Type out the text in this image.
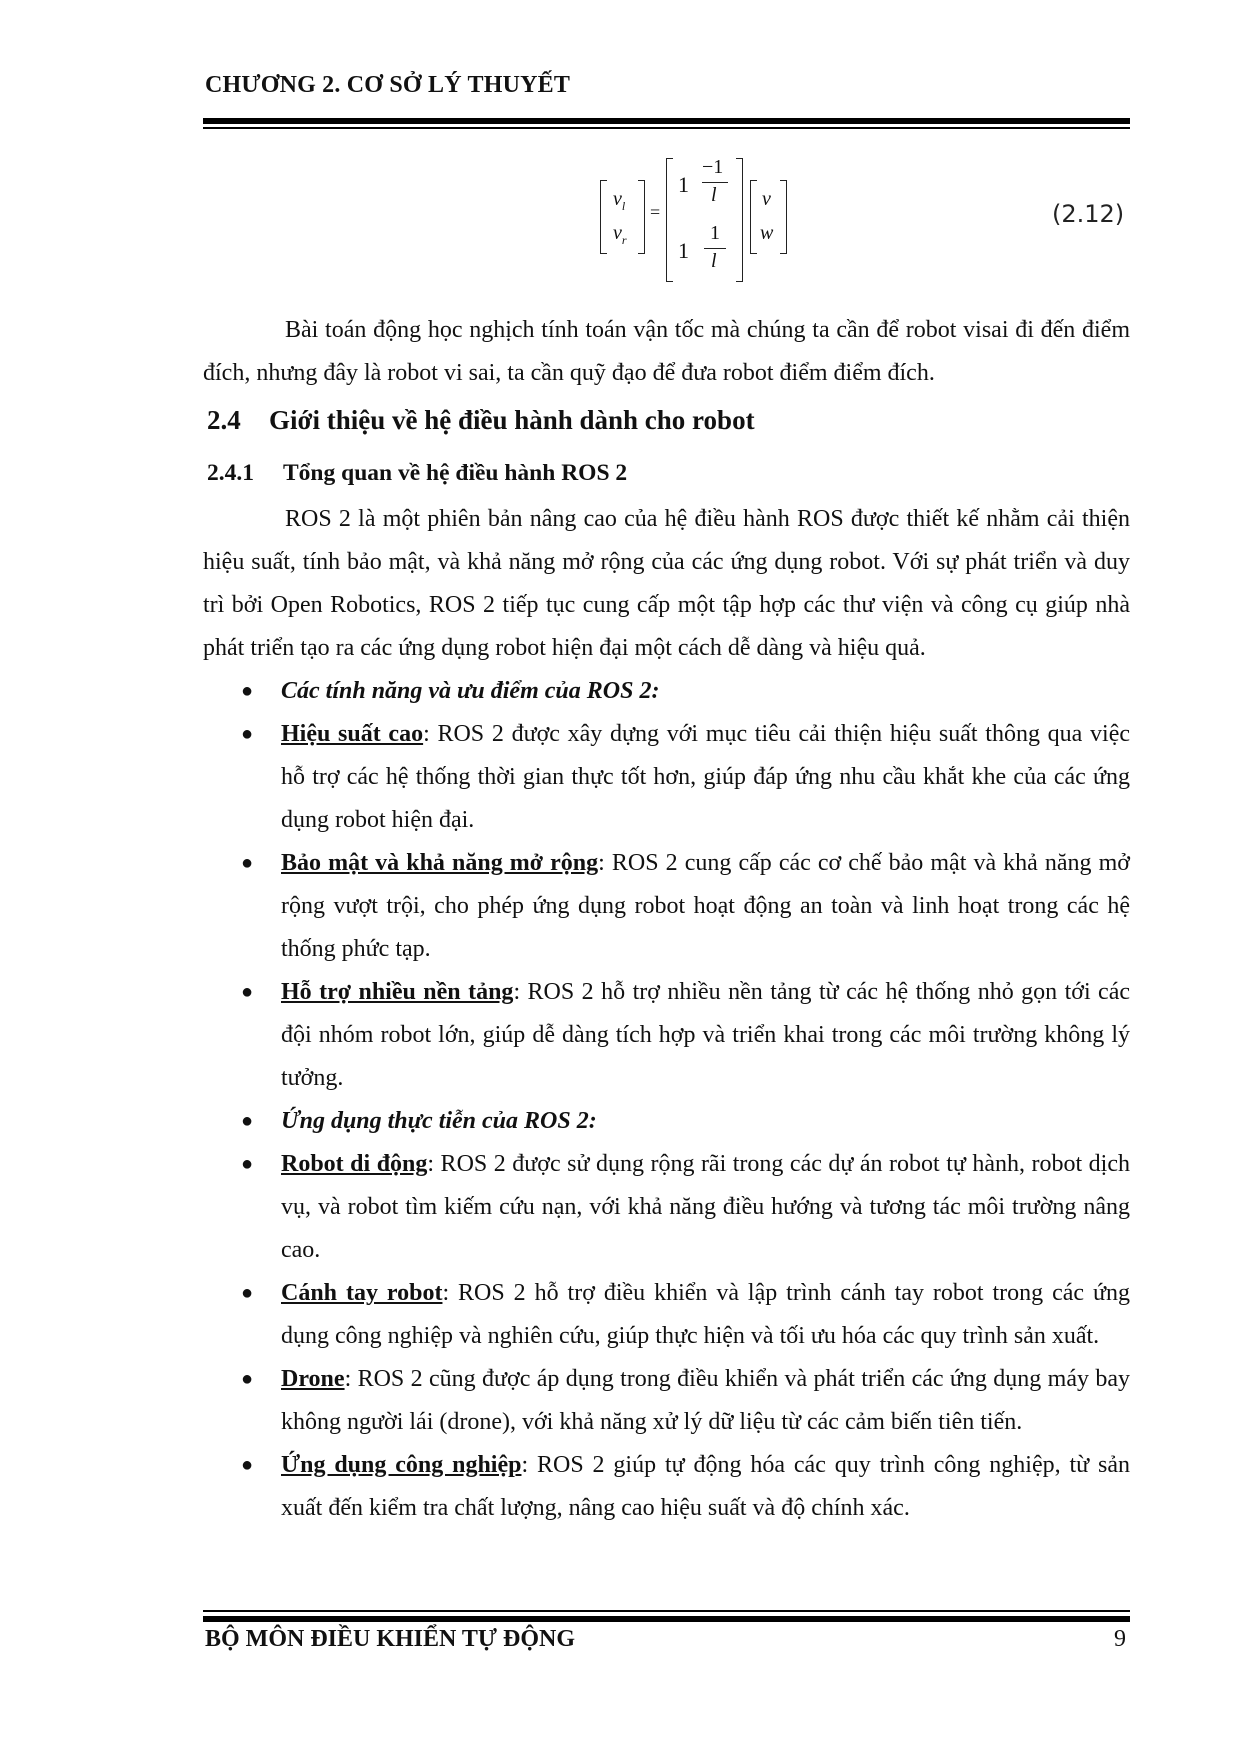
CHƯƠNG 2. CƠ SỞ LÝ THUYẾT
$v_l$
$v_r$
=
1
−1
l
1
1
l
v
w
(2.12)
Bài toán động học nghịch tính toán vận tốc mà chúng ta cần để robot visai đi đến điểm đích, nhưng đây là robot vi sai, ta cần quỹ đạo để đưa robot điểm điểm đích.
2.4 Giới thiệu về hệ điều hành dành cho robot
2.4.1 Tổng quan về hệ điều hành ROS 2
ROS 2 là một phiên bản nâng cao của hệ điều hành ROS được thiết kế nhằm cải thiện hiệu suất, tính bảo mật, và khả năng mở rộng của các ứng dụng robot. Với sự phát triển và duy trì bởi Open Robotics, ROS 2 tiếp tục cung cấp một tập hợp các thư viện và công cụ giúp nhà phát triển tạo ra các ứng dụng robot hiện đại một cách dễ dàng và hiệu quả.
● Các tính năng và ưu điểm của ROS 2:
● Hiệu suất cao: ROS 2 được xây dựng với mục tiêu cải thiện hiệu suất thông qua việc hỗ trợ các hệ thống thời gian thực tốt hơn, giúp đáp ứng nhu cầu khắt khe của các ứng dụng robot hiện đại.
● Bảo mật và khả năng mở rộng: ROS 2 cung cấp các cơ chế bảo mật và khả năng mở rộng vượt trội, cho phép ứng dụng robot hoạt động an toàn và linh hoạt trong các hệ thống phức tạp.
● Hỗ trợ nhiều nền tảng: ROS 2 hỗ trợ nhiều nền tảng từ các hệ thống nhỏ gọn tới các đội nhóm robot lớn, giúp dễ dàng tích hợp và triển khai trong các môi trường không lý tưởng.
● Ứng dụng thực tiễn của ROS 2:
● Robot di động: ROS 2 được sử dụng rộng rãi trong các dự án robot tự hành, robot dịch vụ, và robot tìm kiếm cứu nạn, với khả năng điều hướng và tương tác môi trường nâng cao.
● Cánh tay robot: ROS 2 hỗ trợ điều khiển và lập trình cánh tay robot trong các ứng dụng công nghiệp và nghiên cứu, giúp thực hiện và tối ưu hóa các quy trình sản xuất.
● Drone: ROS 2 cũng được áp dụng trong điều khiển và phát triển các ứng dụng máy bay không người lái (drone), với khả năng xử lý dữ liệu từ các cảm biến tiên tiến.
● Ứng dụng công nghiệp: ROS 2 giúp tự động hóa các quy trình công nghiệp, từ sản xuất đến kiểm tra chất lượng, nâng cao hiệu suất và độ chính xác.
BỘ MÔN ĐIỀU KHIỂN TỰ ĐỘNG	9
